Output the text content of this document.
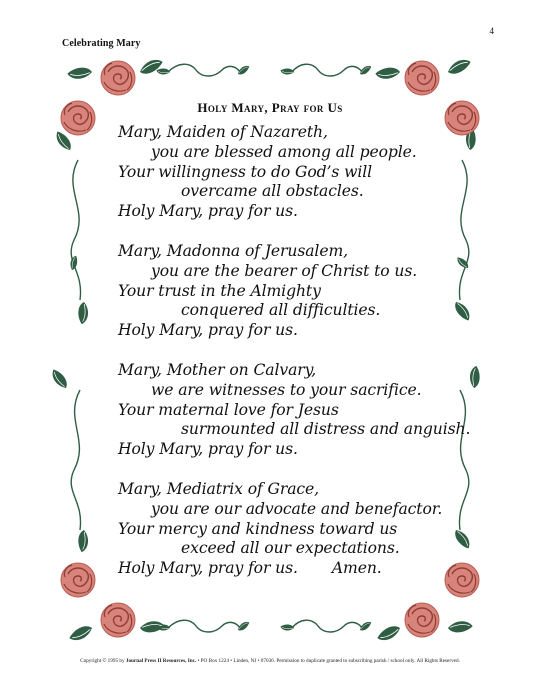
4
Celebrating Mary
Holy Mary, Pray for Us
Mary, Maiden of Nazareth,
you are blessed among all people.
Your willingness to do God’s will
overcame all obstacles.
Holy Mary, pray for us.
Mary, Madonna of Jerusalem,
you are the bearer of Christ to us.
Your trust in the Almighty
conquered all difficulties.
Holy Mary, pray for us.
Mary, Mother on Calvary,
we are witnesses to your sacrifice.
Your maternal love for Jesus
surmounted all distress and anguish.
Holy Mary, pray for us.
Mary, Mediatrix of Grace,
you are our advocate and benefactor.
Your mercy and kindness toward us
exceed all our expectations.
Holy Mary, pray for us. Amen.
Copyright © 1995 by Journal Press II Resources, Inc. • PO Box 1224 • Linden, NJ • 07036. Permission to duplicate granted to subscribing parish / school only. All Rights Reserved.
